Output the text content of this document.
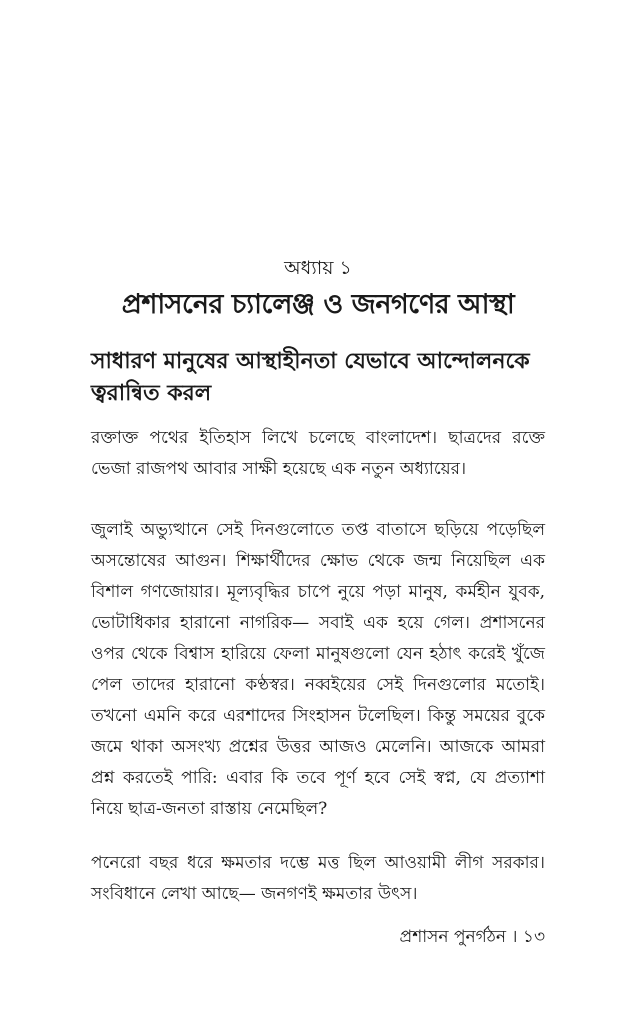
অধ্যায় ১
প্রশাসনের চ্যালেঞ্জ ও জনগণের আস্থা
সাধারণ মানুষের আস্থাহীনতা যেভাবে আন্দোলনকে ত্বরান্বিত করল
রক্তাক্ত পথের ইতিহাস লিখে চলেছে বাংলাদেশ। ছাত্রদের রক্তে ভেজা রাজপথ আবার সাক্ষী হয়েছে এক নতুন অধ্যায়ের।
জুলাই অভ্যুত্থানে সেই দিনগুলোতে তপ্ত বাতাসে ছড়িয়ে পড়েছিল অসন্তোষের আগুন। শিক্ষার্থীদের ক্ষোভ থেকে জন্ম নিয়েছিল এক বিশাল গণজোয়ার। মূল্যবৃদ্ধির চাপে নুয়ে পড়া মানুষ, কর্মহীন যুবক, ভোটাধিকার হারানো নাগরিক— সবাই এক হয়ে গেল। প্রশাসনের ওপর থেকে বিশ্বাস হারিয়ে ফেলা মানুষগুলো যেন হঠাৎ করেই খুঁজে পেল তাদের হারানো কণ্ঠস্বর। নব্বইয়ের সেই দিনগুলোর মতোই। তখনো এমনি করে এরশাদের সিংহাসন টলেছিল। কিন্তু সময়ের বুকে জমে থাকা অসংখ্য প্রশ্নের উত্তর আজও মেলেনি। আজকে আমরা প্রশ্ন করতেই পারি: এবার কি তবে পূর্ণ হবে সেই স্বপ্ন, যে প্রত্যাশা নিয়ে ছাত্র-জনতা রাস্তায় নেমেছিল?
পনেরো বছর ধরে ক্ষমতার দম্ভে মত্ত ছিল আওয়ামী লীগ সরকার। সংবিধানে লেখা আছে— জনগণই ক্ষমতার উৎস।
প্রশাসন পুনর্গঠন । ১৩
